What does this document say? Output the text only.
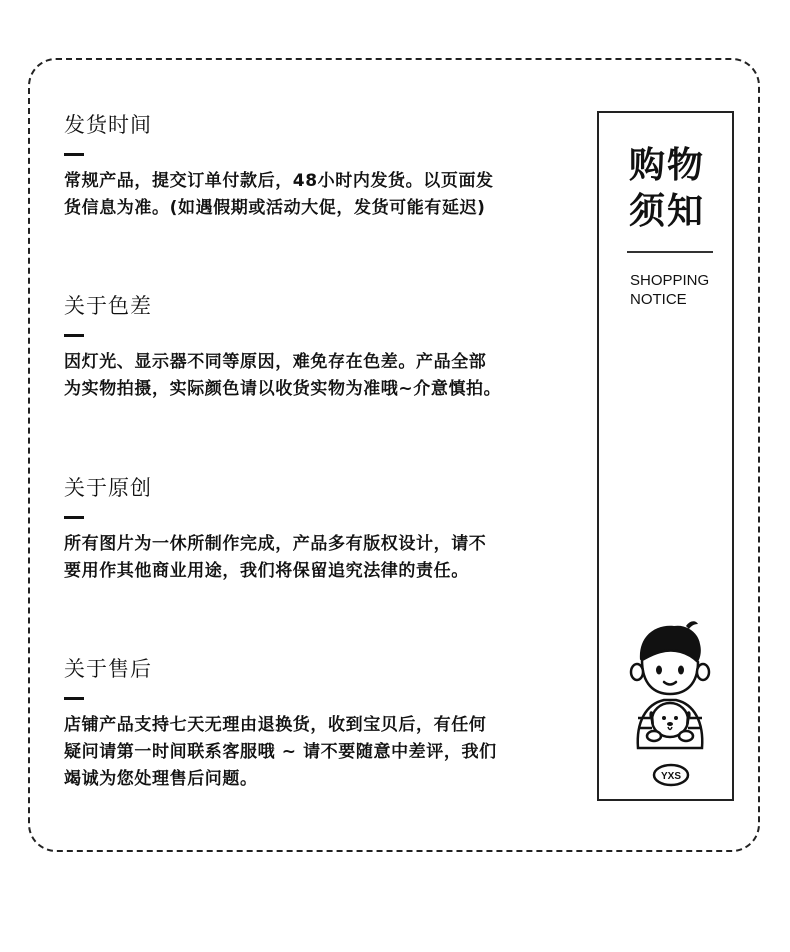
发货时间
常规产品，提交订单付款后，48小时内发货。以页面发
货信息为准。(如遇假期或活动大促，发货可能有延迟)
关于色差
因灯光、显示器不同等原因，难免存在色差。产品全部
为实物拍摄，实际颜色请以收货实物为准哦~介意慎拍。
关于原创
所有图片为一休所制作完成，产品多有版权设计，请不
要用作其他商业用途，我们将保留追究法律的责任。
关于售后
店铺产品支持七天无理由退换货，收到宝贝后，有任何
疑问请第一时间联系客服哦 ~ 请不要随意中差评，我们
竭诚为您处理售后问题。
购物
须知
SHOPPING
NOTICE
YXS
